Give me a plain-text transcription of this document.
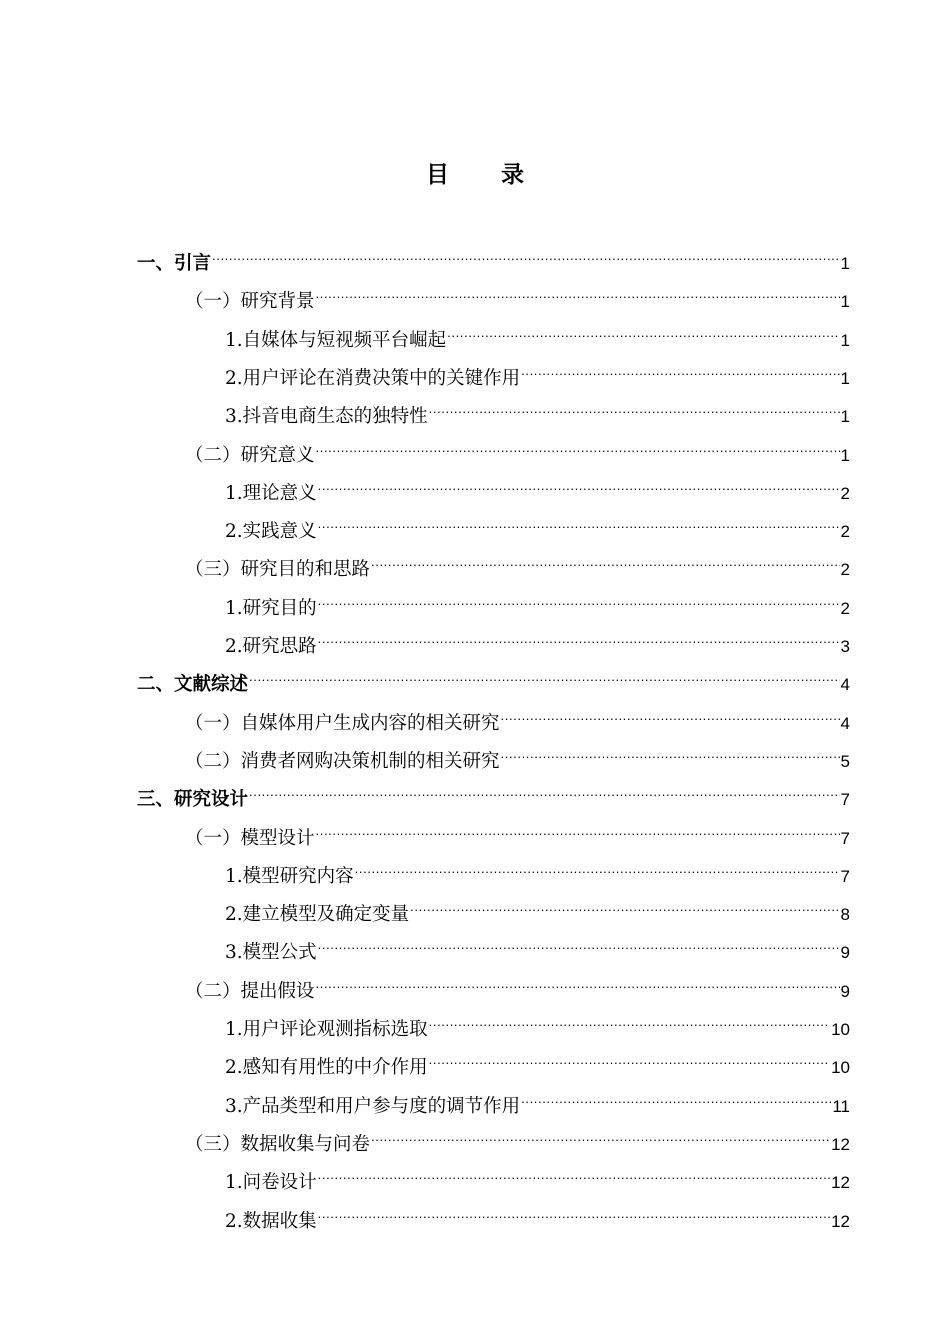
目 录
一、引言 .....	1
（一）研究背景 .....	1
1.自媒体与短视频平台崛起 .....	1
2.用户评论在消费决策中的关键作用 .....	1
3.抖音电商生态的独特性 .....	1
（二）研究意义 .....	1
1.理论意义 .....	2
2.实践意义 .....	2
（三）研究目的和思路 .....	2
1.研究目的 .....	2
2.研究思路 .....	3
二、文献综述 .....	4
（一）自媒体用户生成内容的相关研究 .....	4
（二）消费者网购决策机制的相关研究 .....	5
三、研究设计 .....	7
（一）模型设计 .....	7
1.模型研究内容 .....	7
2.建立模型及确定变量 .....	8
3.模型公式 .....	9
（二）提出假设 .....	9
1.用户评论观测指标选取 .....	10
2.感知有用性的中介作用 .....	10
3.产品类型和用户参与度的调节作用 .....	11
（三）数据收集与问卷 .....	12
1.问卷设计 .....	12
2.数据收集 .....	12
